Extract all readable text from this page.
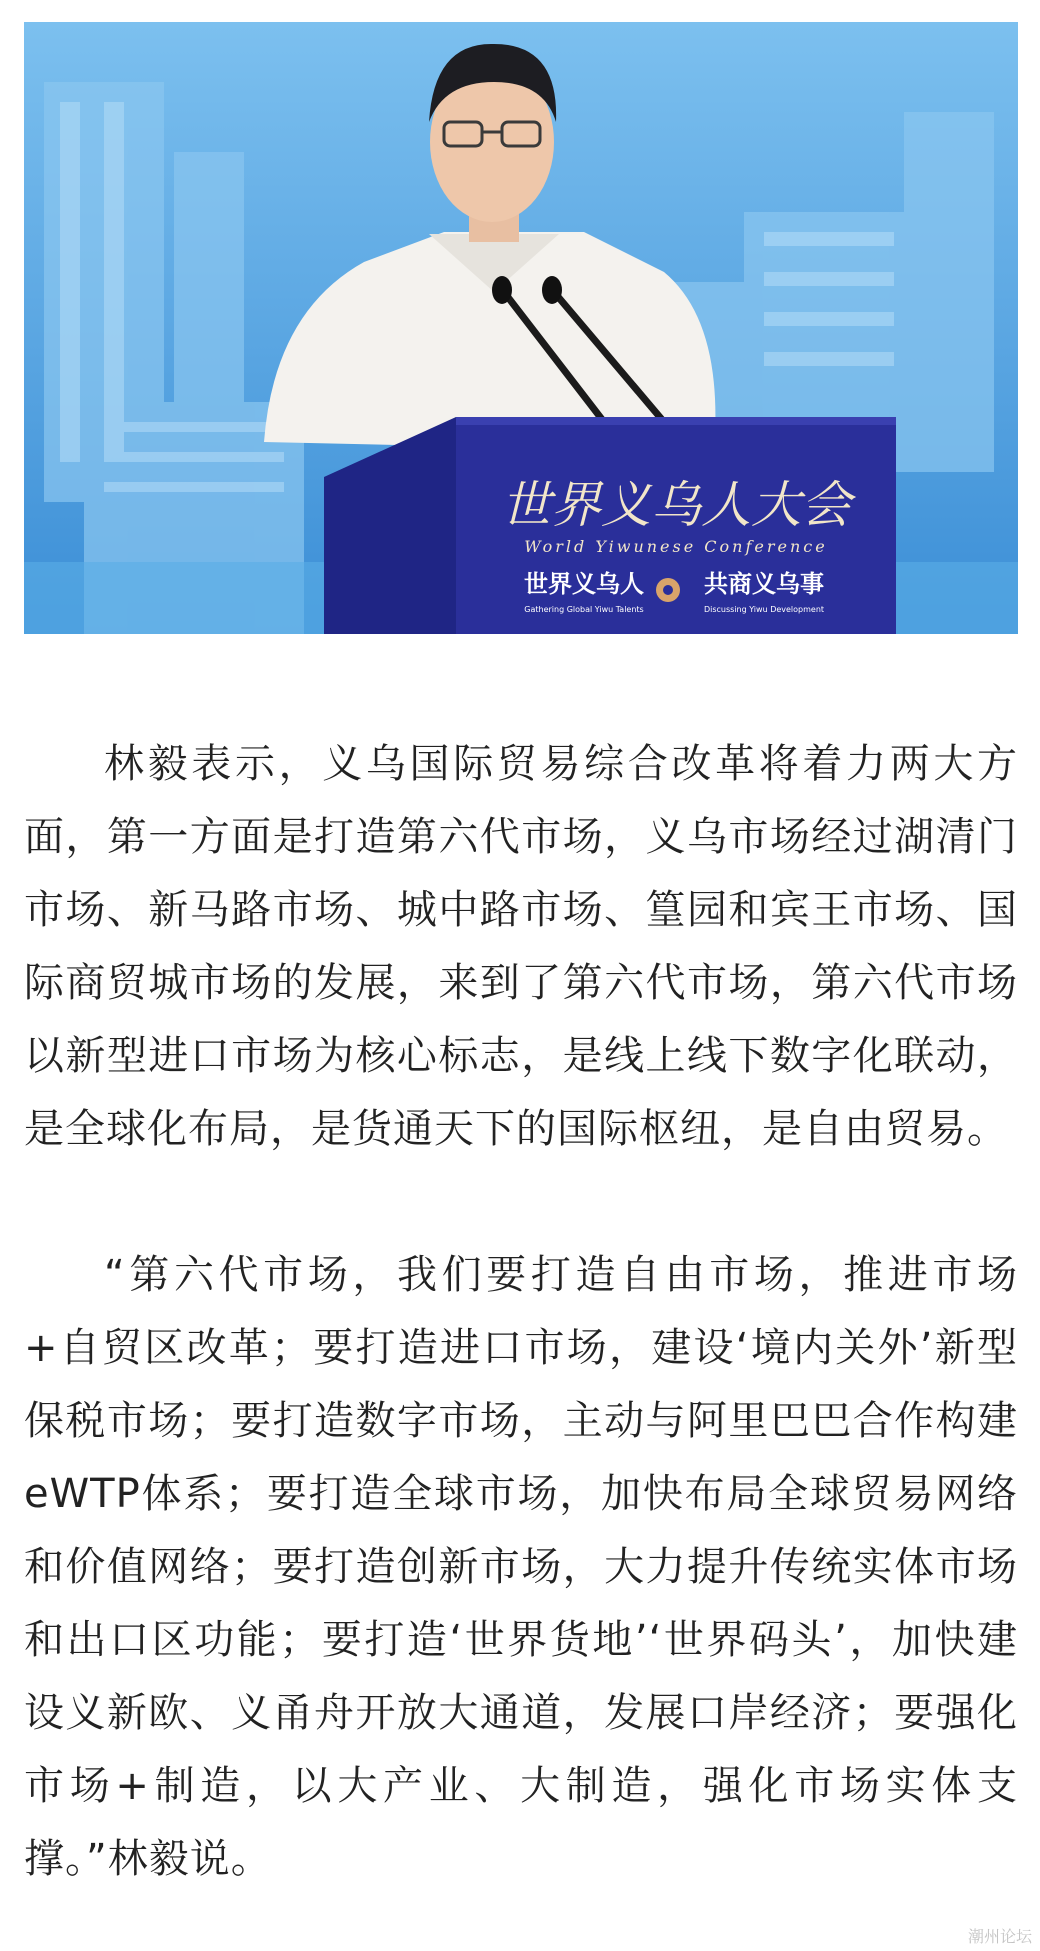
世界义乌人大会
World Yiwunese Conference
世界义乌人
Gathering Global Yiwu Talents
共商义乌事
Discussing Yiwu Development

林毅表示，义乌国际贸易综合改革将着力两大方面，第一方面是打造第六代市场，义乌市场经过湖清门市场、新马路市场、城中路市场、篁园和宾王市场、国际商贸城市场的发展，来到了第六代市场，第六代市场以新型进口市场为核心标志，是线上线下数字化联动，是全球化布局，是货通天下的国际枢纽，是自由贸易。

“第六代市场，我们要打造自由市场，推进市场+自贸区改革；要打造进口市场，建设‘境内关外’新型保税市场；要打造数字市场，主动与阿里巴巴合作构建eWTP体系；要打造全球市场，加快布局全球贸易网络和价值网络；要打造创新市场，大力提升传统实体市场和出口区功能；要打造‘世界货地’‘世界码头’，加快建设义新欧、义甬舟开放大通道，发展口岸经济；要强化市场+制造，以大产业、大制造，强化市场实体支撑。”林毅说。

潮州论坛
